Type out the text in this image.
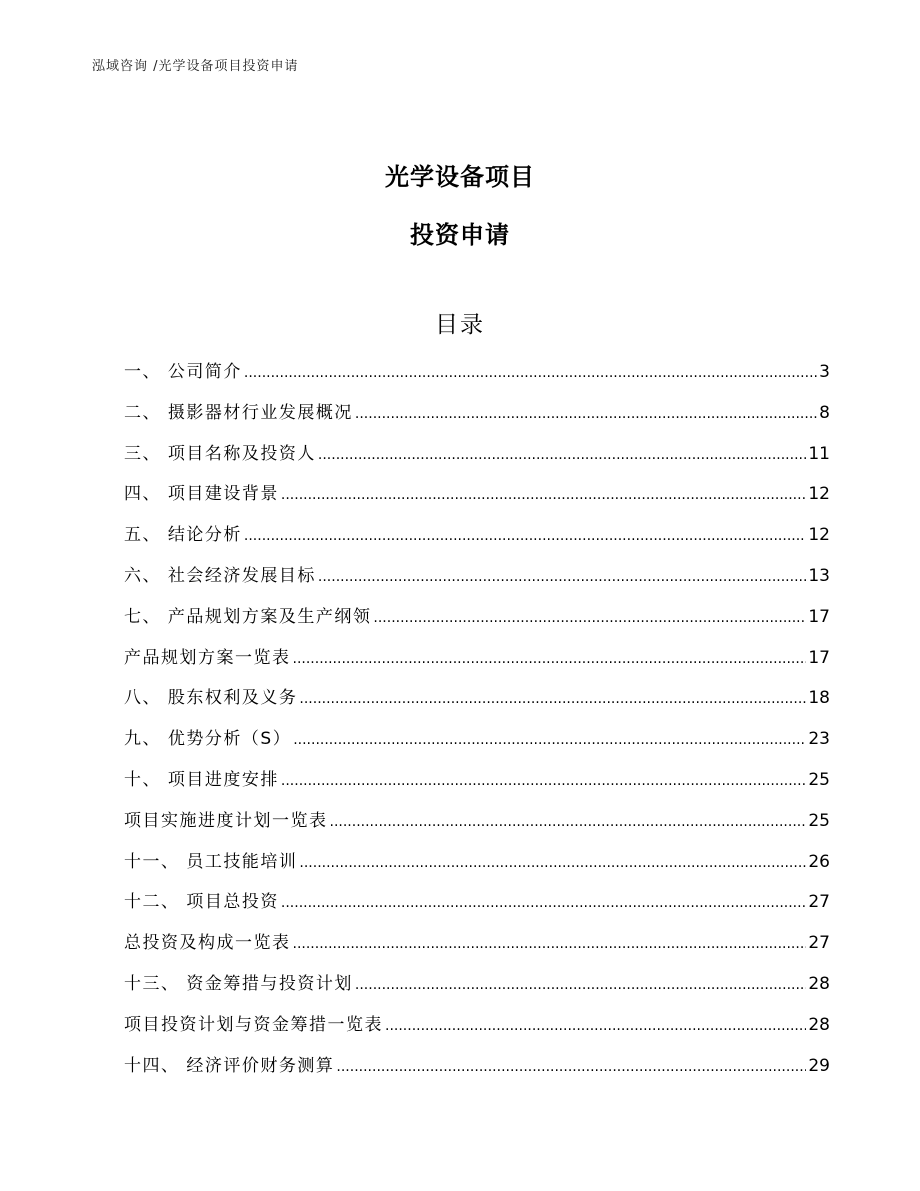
泓域咨询 /光学设备项目投资申请
光学设备项目
投资申请
目录
一、 公司简介 .....	3
二、 摄影器材行业发展概况 .....	8
三、 项目名称及投资人 .....	11
四、 项目建设背景 .....	12
五、 结论分析 .....	12
六、 社会经济发展目标 .....	13
七、 产品规划方案及生产纲领 .....	17
产品规划方案一览表 .....	17
八、 股东权利及义务 .....	18
九、 优势分析（S） .....	23
十、 项目进度安排 .....	25
项目实施进度计划一览表 .....	25
十一、 员工技能培训 .....	26
十二、 项目总投资 .....	27
总投资及构成一览表 .....	27
十三、 资金筹措与投资计划 .....	28
项目投资计划与资金筹措一览表 .....	28
十四、 经济评价财务测算 .....	29
